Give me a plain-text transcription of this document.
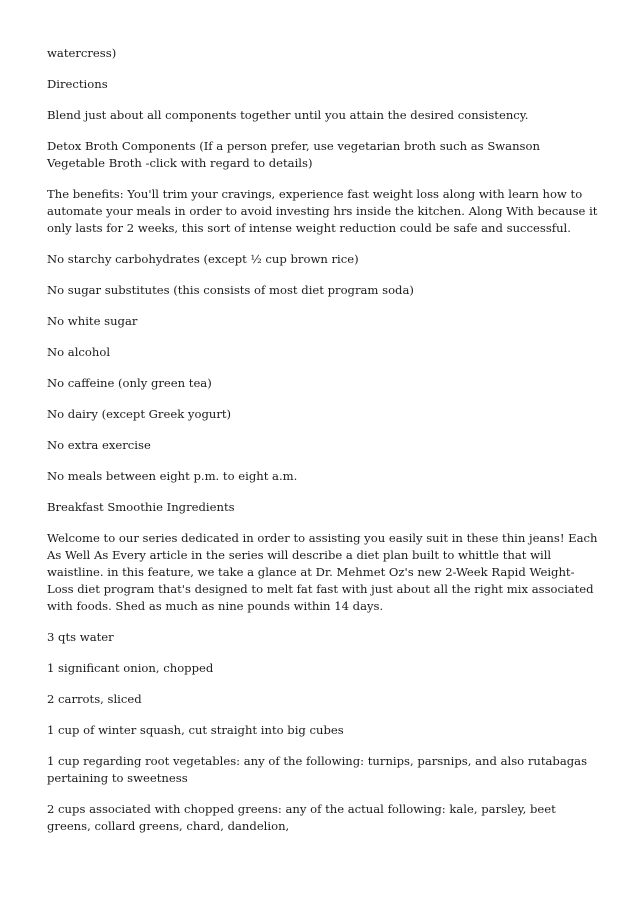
watercress)

Directions

Blend just about all components together until you attain the desired consistency.

Detox Broth Components (If a person prefer, use vegetarian broth such as Swanson Vegetable Broth -click with regard to details)

The benefits: You'll trim your cravings, experience fast weight loss along with learn how to automate your meals in order to avoid investing hrs inside the kitchen. Along With because it only lasts for 2 weeks, this sort of intense weight reduction could be safe and successful.

No starchy carbohydrates (except ½ cup brown rice)

No sugar substitutes (this consists of most diet program soda)

No white sugar

No alcohol

No caffeine (only green tea)

No dairy (except Greek yogurt)

No extra exercise

No meals between eight p.m. to eight a.m.

Breakfast Smoothie Ingredients

Welcome to our series dedicated in order to assisting you easily suit in these thin jeans! Each As Well As Every article in the series will describe a diet plan built to whittle that will waistline. in this feature, we take a glance at Dr. Mehmet Oz's new 2-Week Rapid Weight-Loss diet program that's designed to melt fat fast with just about all the right mix associated with foods. Shed as much as nine pounds within 14 days.

3 qts water

1 significant onion, chopped

2 carrots, sliced

1 cup of winter squash, cut straight into big cubes

1 cup regarding root vegetables: any of the following: turnips, parsnips, and also rutabagas pertaining to sweetness

2 cups associated with chopped greens: any of the actual following: kale, parsley, beet greens, collard greens, chard, dandelion,
